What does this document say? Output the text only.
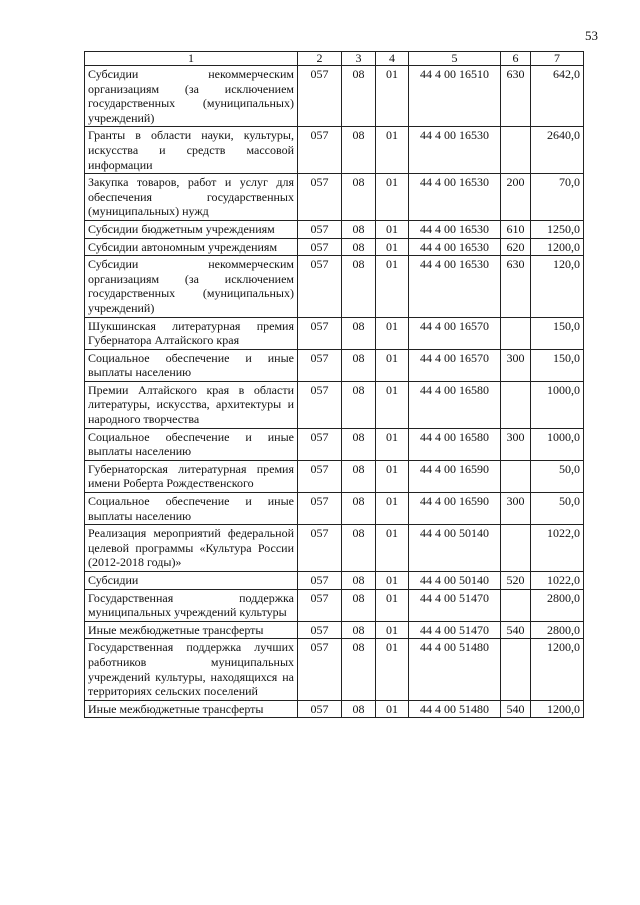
53
1	2	3	4	5	6	7
Субсидии некоммерческим организациям (за исключением государственных (муниципальных) учреждений)	057	08	01	44 4 00 16510	630	642,0
Гранты в области науки, культуры, искусства и средств массовой информации	057	08	01	44 4 00 16530		2640,0
Закупка товаров, работ и услуг для обеспечения государственных (муниципальных) нужд	057	08	01	44 4 00 16530	200	70,0
Субсидии бюджетным учреждениям	057	08	01	44 4 00 16530	610	1250,0
Субсидии автономным учреждениям	057	08	01	44 4 00 16530	620	1200,0
Субсидии некоммерческим организациям (за исключением государственных (муниципальных) учреждений)	057	08	01	44 4 00 16530	630	120,0
Шукшинская литературная премия Губернатора Алтайского края	057	08	01	44 4 00 16570		150,0
Социальное обеспечение и иные выплаты населению	057	08	01	44 4 00 16570	300	150,0
Премии Алтайского края в области литературы, искусства, архитектуры и народного творчества	057	08	01	44 4 00 16580		1000,0
Социальное обеспечение и иные выплаты населению	057	08	01	44 4 00 16580	300	1000,0
Губернаторская литературная премия имени Роберта Рождественского	057	08	01	44 4 00 16590		50,0
Социальное обеспечение и иные выплаты населению	057	08	01	44 4 00 16590	300	50,0
Реализация мероприятий федеральной целевой программы «Культура России (2012-2018 годы)»	057	08	01	44 4 00 50140		1022,0
Субсидии	057	08	01	44 4 00 50140	520	1022,0
Государственная поддержка муниципальных учреждений культуры	057	08	01	44 4 00 51470		2800,0
Иные межбюджетные трансферты	057	08	01	44 4 00 51470	540	2800,0
Государственная поддержка лучших работников муниципальных учреждений культуры, находящихся на территориях сельских поселений	057	08	01	44 4 00 51480		1200,0
Иные межбюджетные трансферты	057	08	01	44 4 00 51480	540	1200,0
